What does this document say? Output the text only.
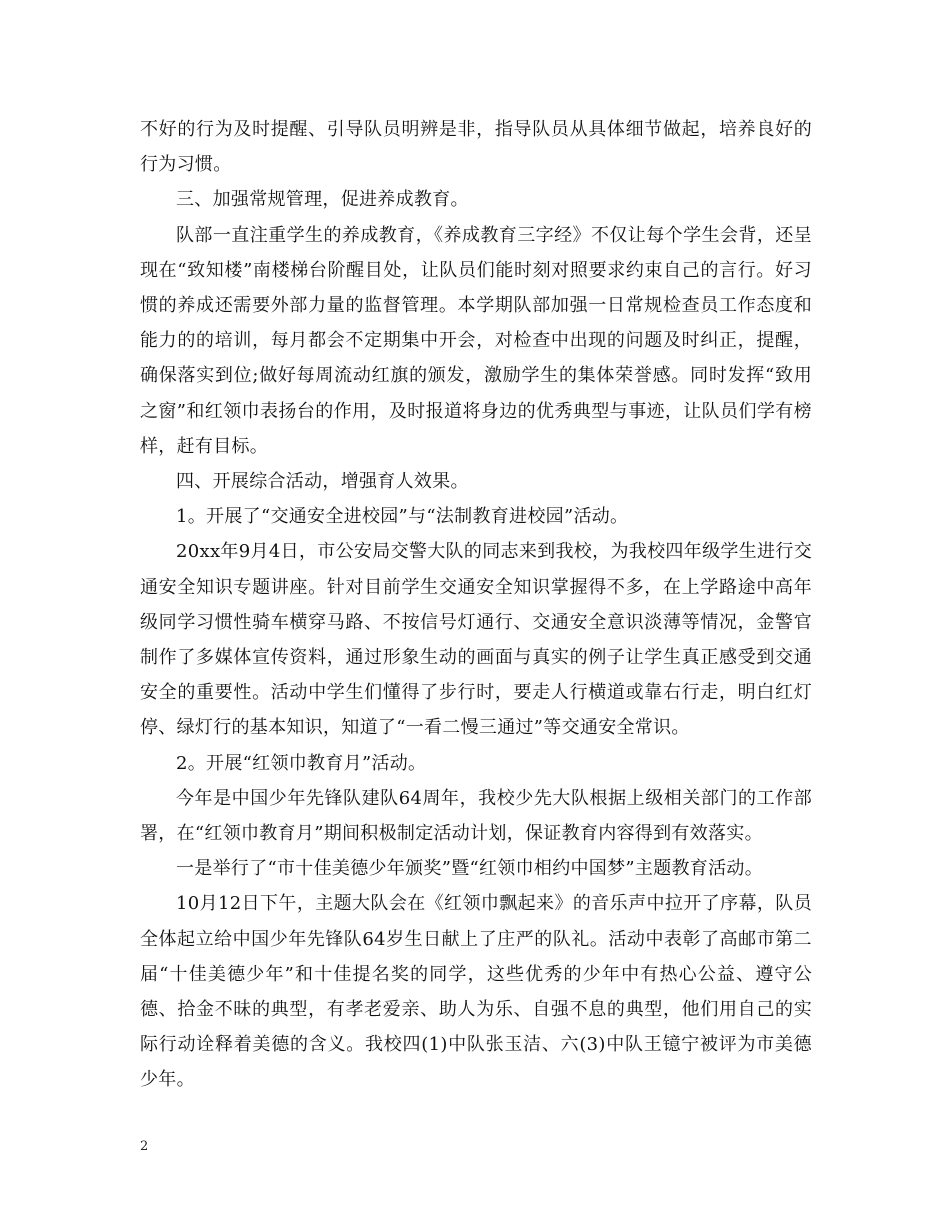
不好的行为及时提醒、引导队员明辨是非，指导队员从具体细节做起，培养良好的行为习惯。

三、加强常规管理，促进养成教育。

队部一直注重学生的养成教育，《养成教育三字经》不仅让每个学生会背，还呈现在“致知楼”南楼梯台阶醒目处，让队员们能时刻对照要求约束自己的言行。好习惯的养成还需要外部力量的监督管理。本学期队部加强一日常规检查员工作态度和能力的的培训，每月都会不定期集中开会，对检查中出现的问题及时纠正，提醒，确保落实到位;做好每周流动红旗的颁发，激励学生的集体荣誉感。同时发挥“致用之窗”和红领巾表扬台的作用，及时报道将身边的优秀典型与事迹，让队员们学有榜样，赶有目标。

四、开展综合活动，增强育人效果。

1。开展了“交通安全进校园”与“法制教育进校园”活动。

20xx年9月4日，市公安局交警大队的同志来到我校，为我校四年级学生进行交通安全知识专题讲座。针对目前学生交通安全知识掌握得不多，在上学路途中高年级同学习惯性骑车横穿马路、不按信号灯通行、交通安全意识淡薄等情况，金警官制作了多媒体宣传资料，通过形象生动的画面与真实的例子让学生真正感受到交通安全的重要性。活动中学生们懂得了步行时，要走人行横道或靠右行走，明白红灯停、绿灯行的基本知识，知道了“一看二慢三通过”等交通安全常识。

2。开展“红领巾教育月”活动。

今年是中国少年先锋队建队64周年，我校少先大队根据上级相关部门的工作部署，在“红领巾教育月”期间积极制定活动计划，保证教育内容得到有效落实。

一是举行了“市十佳美德少年颁奖”暨“红领巾相约中国梦”主题教育活动。

10月12日下午，主题大队会在《红领巾飘起来》的音乐声中拉开了序幕，队员全体起立给中国少年先锋队64岁生日献上了庄严的队礼。活动中表彰了高邮市第二届“十佳美德少年”和十佳提名奖的同学，这些优秀的少年中有热心公益、遵守公德、拾金不昧的典型，有孝老爱亲、助人为乐、自强不息的典型，他们用自己的实际行动诠释着美德的含义。我校四(1)中队张玉洁、六(3)中队王镱宁被评为市美德少年。

2
